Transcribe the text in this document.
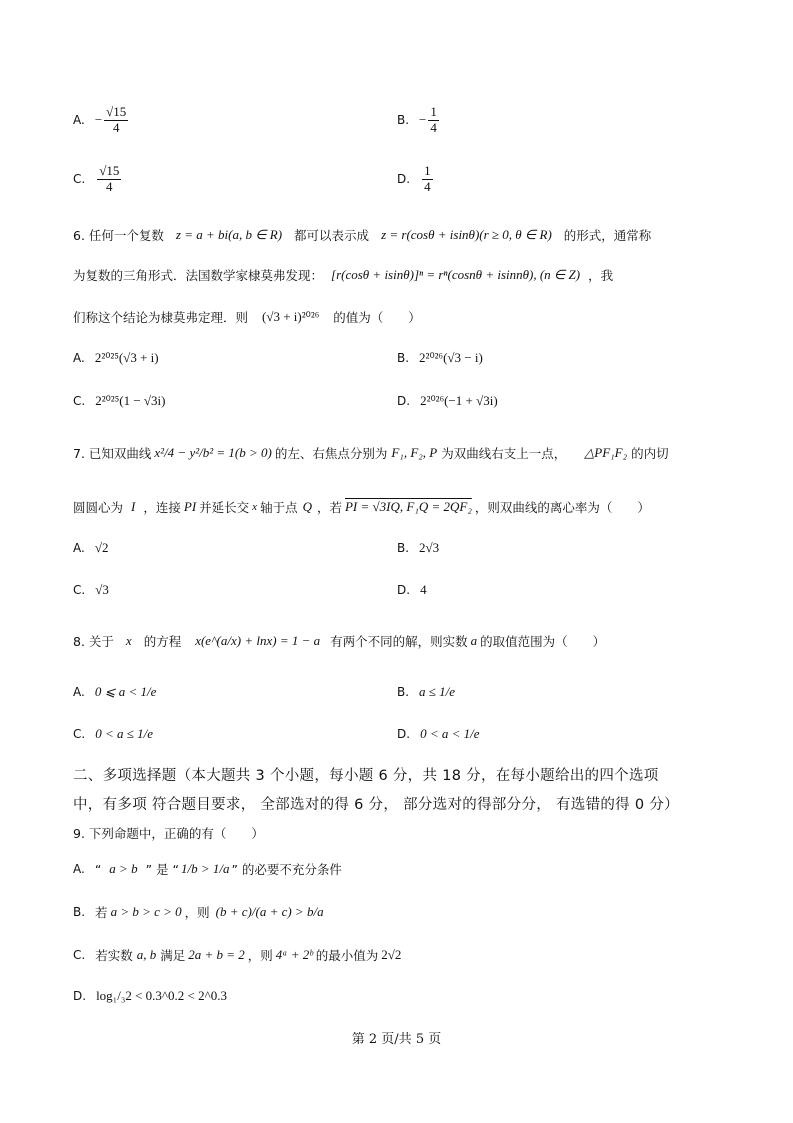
A. − $\frac{√15}{4}$	B. − $\frac{1}{4}$
C. $\frac{√15}{4}$	D. $\frac{1}{4}$
6. 任何一个复数 z = a + bi(a, b ∈ R) 都可以表示成 z = r(cosθ + isinθ)(r ≥ 0, θ ∈ R) 的形式，通常称
为复数的三角形式．法国数学家棣莫弗发现： [r(cosθ + isinθ)]ⁿ = rⁿ(cosnθ + isinnθ), (n ∈ Z) ，我
们称这个结论为棣莫弗定理．则 (√3 + i)²⁰²⁶ 的值为（　　）
A. 2²⁰²⁵(√3 + i)	B. 2²⁰²⁶(√3 − i)
C. 2²⁰²⁵(1 − √3i)	D. 2²⁰²⁶(−1 + √3i)
7. 已知双曲线 x²/4 − y²/b² = 1(b > 0) 的左、右焦点分别为 F₁, F₂, P 为双曲线右支上一点， △PF₁F₂ 的内切
圆圆心为 I ，连接 PI 并延长交 x 轴于点 Q ，若 PI = √3IQ, F₁Q = 2QF₂ ，则双曲线的离心率为（　　）
A. √2	B. 2√3
C. √3	D. 4
8. 关于 x 的方程 x(e^(a/x) + lnx) = 1 − a 有两个不同的解，则实数 a 的取值范围为（　　）
A. 0 ⩽ a < 1/e	B. a ≤ 1/e
C. 0 < a ≤ 1/e	D. 0 < a < 1/e
二、多项选择题（本大题共 3 个小题，每小题 6 分，共 18 分，在每小题给出的四个选项
中，有多项 符合题目要求， 全部选对的得 6 分， 部分选对的得部分分， 有选错的得 0 分）
9. 下列命题中，正确的有（　　）
A. “ a > b ” 是 “ 1/b > 1/a ” 的必要不充分条件
B. 若 a > b > c > 0 ，则 (b + c)/(a + c) > b/a
C. 若实数 a, b 满足 2a + b = 2 ，则 4ᵃ + 2ᵇ 的最小值为 2√2
D. log₁/₃2 < 0.3^0.2 < 2^0.3
第 2 页/共 5 页
